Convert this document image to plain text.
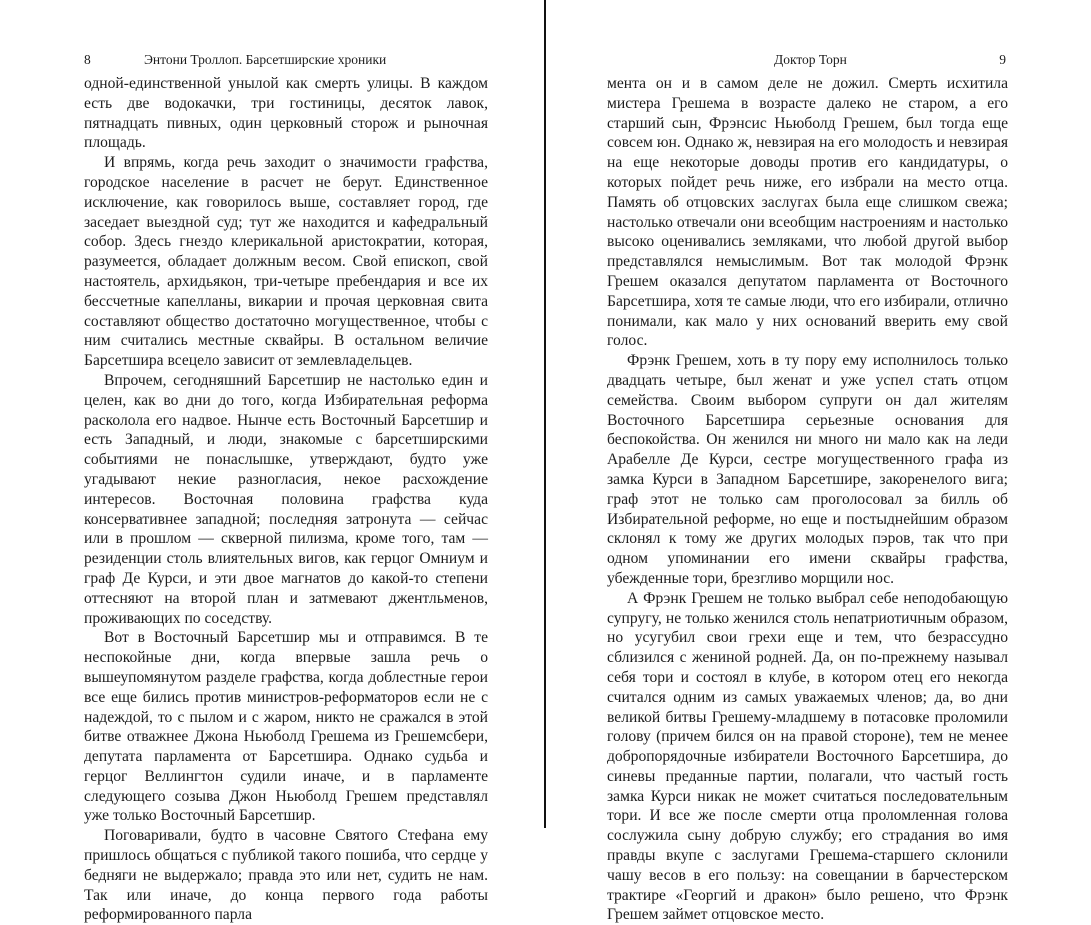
8	Энтони Троллоп. Барсетширские хроники

одной-единственной унылой как смерть улицы. В каждом есть две водокачки, три гостиницы, десяток лавок, пятнадцать пивных, один церковный сторож и рыночная площадь.

И впрямь, когда речь заходит о значимости графства, городское население в расчет не берут. Единственное исключение, как говорилось выше, составляет город, где заседает выездной суд; тут же находится и кафедральный собор. Здесь гнездо клерикальной аристократии, которая, разумеется, обладает должным весом. Свой епископ, свой настоятель, архидьякон, три-четыре пребендария и все их бессчетные капелланы, викарии и прочая церковная свита составляют общество достаточно могущественное, чтобы с ним считались местные сквайры. В остальном величие Барсетшира всецело зависит от землевладельцев.

Впрочем, сегодняшний Барсетшир не настолько един и целен, как во дни до того, когда Избирательная реформа расколола его надвое. Нынче есть Восточный Барсетшир и есть Западный, и люди, знакомые с барсетширскими событиями не понаслышке, утверждают, будто уже угадывают некие разногласия, некое расхождение интересов. Восточная половина графства куда консервативнее западной; последняя затронута — сейчас или в прошлом — скверной пилизма, кроме того, там — резиденции столь влиятельных вигов, как герцог Омниум и граф Де Курси, и эти двое магнатов до какой-то степени оттесняют на второй план и затмевают джентльменов, проживающих по соседству.

Вот в Восточный Барсетшир мы и отправимся. В те неспокойные дни, когда впервые зашла речь о вышеупомянутом разделе графства, когда доблестные герои все еще бились против министров-реформаторов если не с надеждой, то с пылом и с жаром, никто не сражался в этой битве отважнее Джона Ньюболд Грешема из Грешемсбери, депутата парламента от Барсетшира. Однако судьба и герцог Веллингтон судили иначе, и в парламенте следующего созыва Джон Ньюболд Грешем представлял уже только Восточный Барсетшир.

Поговаривали, будто в часовне Святого Стефана ему пришлось общаться с публикой такого пошиба, что сердце у бедняги не выдержало; правда это или нет, судить не нам. Так или иначе, до конца первого года работы реформированного парла

Доктор Торн	9

мента он и в самом деле не дожил. Смерть исхитила мистера Грешема в возрасте далеко не старом, а его старший сын, Фрэнсис Ньюболд Грешем, был тогда еще совсем юн. Однако ж, невзирая на его молодость и невзирая на еще некоторые доводы против его кандидатуры, о которых пойдет речь ниже, его избрали на место отца. Память об отцовских заслугах была еще слишком свежа; настолько отвечали они всеобщим настроениям и настолько высоко оценивались земляками, что любой другой выбор представлялся немыслимым. Вот так молодой Фрэнк Грешем оказался депутатом парламента от Восточного Барсетшира, хотя те самые люди, что его избирали, отлично понимали, как мало у них оснований вверить ему свой голос.

Фрэнк Грешем, хоть в ту пору ему исполнилось только двадцать четыре, был женат и уже успел стать отцом семейства. Своим выбором супруги он дал жителям Восточного Барсетшира серьезные основания для беспокойства. Он женился ни много ни мало как на леди Арабелле Де Курси, сестре могущественного графа из замка Курси в Западном Барсетшире, закоренелого вига; граф этот не только сам проголосовал за билль об Избирательной реформе, но еще и постыднейшим образом склонял к тому же других молодых пэров, так что при одном упоминании его имени сквайры графства, убежденные тори, брезгливо морщили нос.

А Фрэнк Грешем не только выбрал себе неподобающую супругу, не только женился столь непатриотичным образом, но усугубил свои грехи еще и тем, что безрассудно сблизился с жениной родней. Да, он по-прежнему называл себя тори и состоял в клубе, в котором отец его некогда считался одним из самых уважаемых членов; да, во дни великой битвы Грешему-младшему в потасовке проломили голову (причем бился он на правой стороне), тем не менее добропорядочные избиратели Восточного Барсетшира, до синевы преданные партии, полагали, что частый гость замка Курси никак не может считаться последовательным тори. И все же после смерти отца проломленная голова сослужила сыну добрую службу; его страдания во имя правды вкупе с заслугами Грешема-старшего склонили чашу весов в его пользу: на совещании в барчестерском трактире «Георгий и дракон» было решено, что Фрэнк Грешем займет отцовское место.
